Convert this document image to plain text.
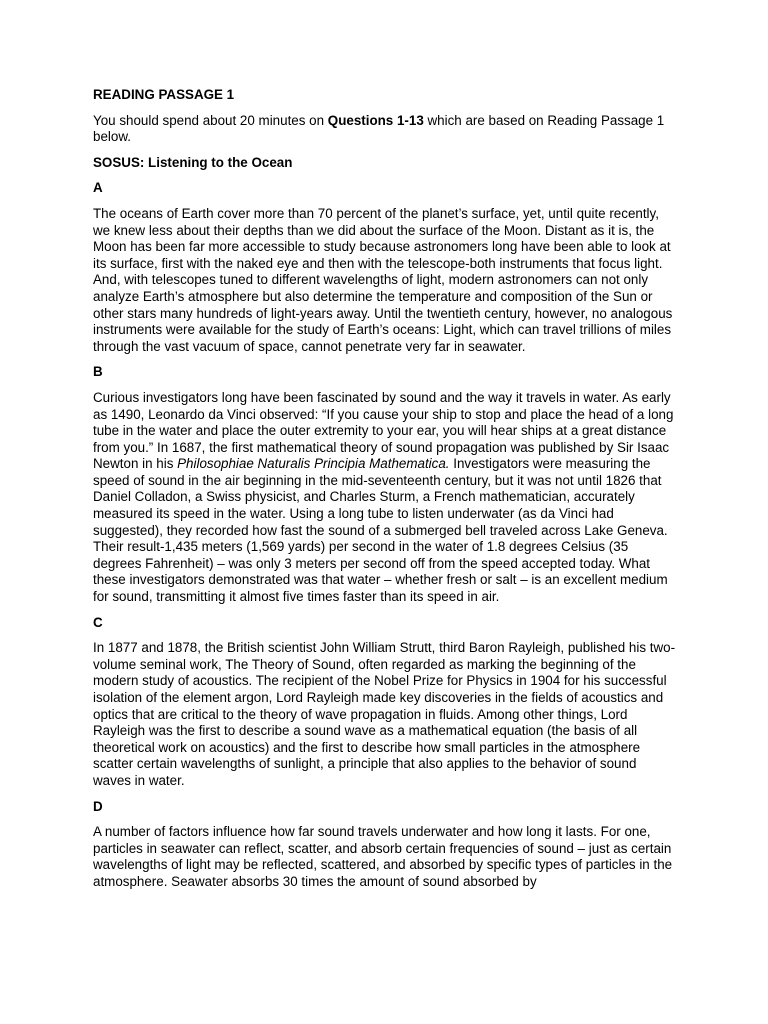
READING PASSAGE 1

You should spend about 20 minutes on Questions 1-13 which are based on Reading Passage 1 below.

SOSUS: Listening to the Ocean

A

The oceans of Earth cover more than 70 percent of the planet’s surface, yet, until quite recently, we knew less about their depths than we did about the surface of the Moon. Distant as it is, the Moon has been far more accessible to study because astronomers long have been able to look at its surface, first with the naked eye and then with the telescope-both instruments that focus light. And, with telescopes tuned to different wavelengths of light, modern astronomers can not only analyze Earth’s atmosphere but also determine the temperature and composition of the Sun or other stars many hundreds of light-years away. Until the twentieth century, however, no analogous instruments were available for the study of Earth’s oceans: Light, which can travel trillions of miles through the vast vacuum of space, cannot penetrate very far in seawater.

B

Curious investigators long have been fascinated by sound and the way it travels in water. As early as 1490, Leonardo da Vinci observed: “If you cause your ship to stop and place the head of a long tube in the water and place the outer extremity to your ear, you will hear ships at a great distance from you.” In 1687, the first mathematical theory of sound propagation was published by Sir Isaac Newton in his Philosophiae Naturalis Principia Mathematica. Investigators were measuring the speed of sound in the air beginning in the mid-seventeenth century, but it was not until 1826 that Daniel Colladon, a Swiss physicist, and Charles Sturm, a French mathematician, accurately measured its speed in the water. Using a long tube to listen underwater (as da Vinci had suggested), they recorded how fast the sound of a submerged bell traveled across Lake Geneva. Their result-1,435 meters (1,569 yards) per second in the water of 1.8 degrees Celsius (35 degrees Fahrenheit) – was only 3 meters per second off from the speed accepted today. What these investigators demonstrated was that water – whether fresh or salt – is an excellent medium for sound, transmitting it almost five times faster than its speed in air.

C

In 1877 and 1878, the British scientist John William Strutt, third Baron Rayleigh, published his two-volume seminal work, The Theory of Sound, often regarded as marking the beginning of the modern study of acoustics. The recipient of the Nobel Prize for Physics in 1904 for his successful isolation of the element argon, Lord Rayleigh made key discoveries in the fields of acoustics and optics that are critical to the theory of wave propagation in fluids. Among other things, Lord Rayleigh was the first to describe a sound wave as a mathematical equation (the basis of all theoretical work on acoustics) and the first to describe how small particles in the atmosphere scatter certain wavelengths of sunlight, a principle that also applies to the behavior of sound waves in water.

D

A number of factors influence how far sound travels underwater and how long it lasts. For one, particles in seawater can reflect, scatter, and absorb certain frequencies of sound – just as certain wavelengths of light may be reflected, scattered, and absorbed by specific types of particles in the atmosphere. Seawater absorbs 30 times the amount of sound absorbed by
